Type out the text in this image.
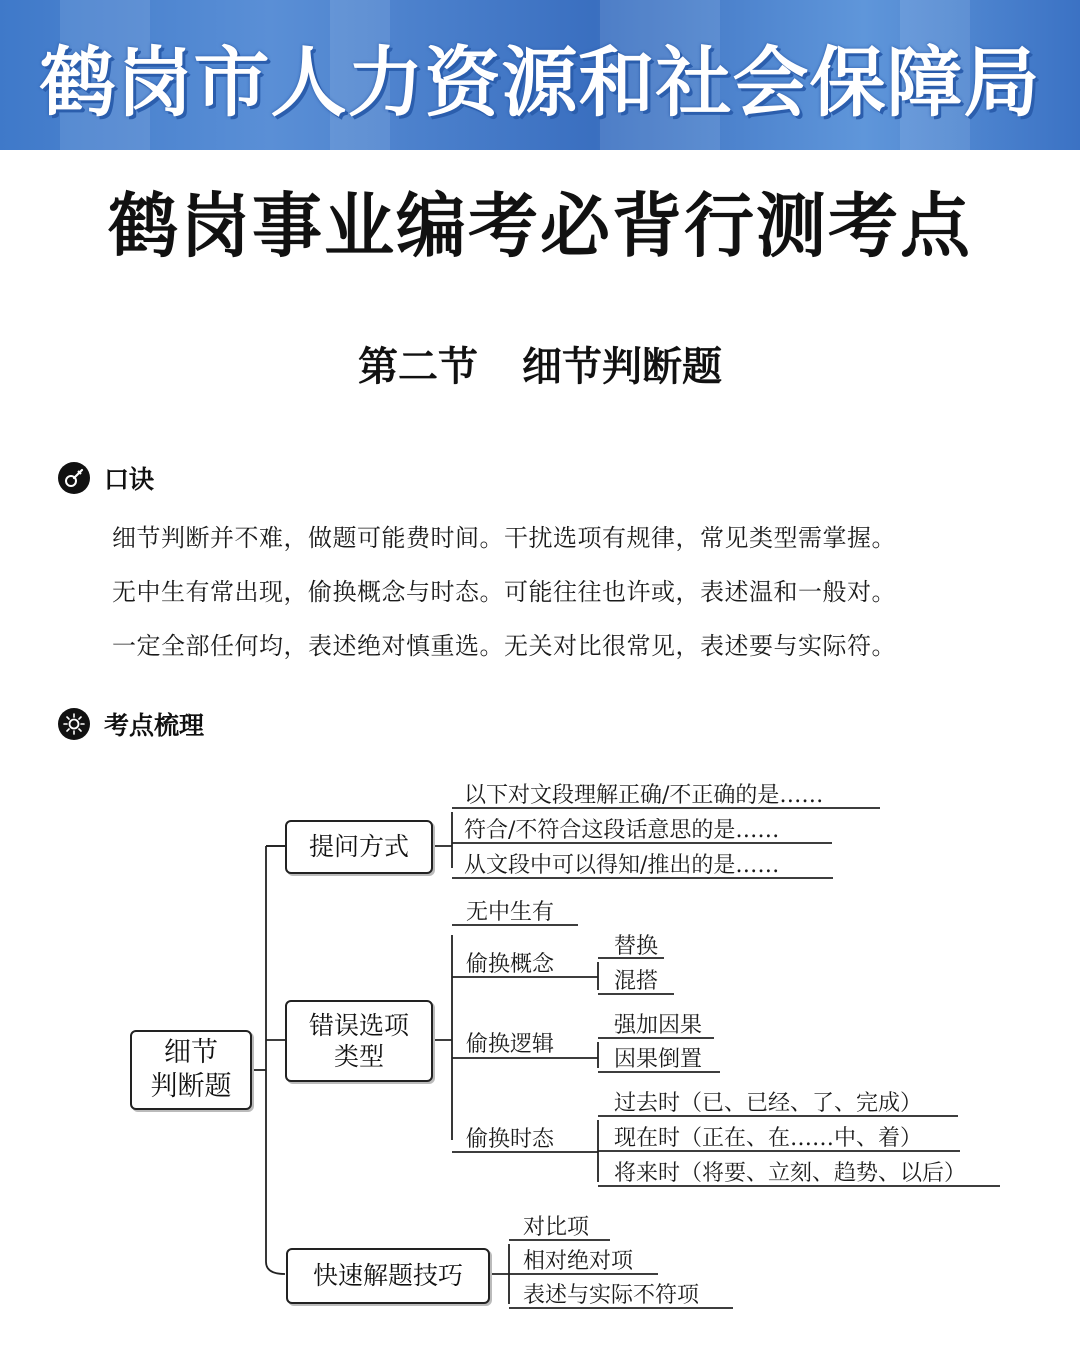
鹤岗市人力资源和社会保障局
鹤岗事业编考必背行测考点
第二节 细节判断题
口诀
细节判断并不难，做题可能费时间。干扰选项有规律，常见类型需掌握。
无中生有常出现，偷换概念与时态。可能往往也许或，表述温和一般对。
一定全部任何均，表述绝对慎重选。无关对比很常见，表述要与实际符。
考点梳理
细节
判断题
提问方式
错误选项
类型
快速解题技巧
以下对文段理解正确/不正确的是……
符合/不符合这段话意思的是……
从文段中可以得知/推出的是……
无中生有
偷换概念
替换
混搭
偷换逻辑
强加因果
因果倒置
偷换时态
过去时（已、已经、了、完成）
现在时（正在、在……中、着）
将来时（将要、立刻、趋势、以后）
对比项
相对绝对项
表述与实际不符项
